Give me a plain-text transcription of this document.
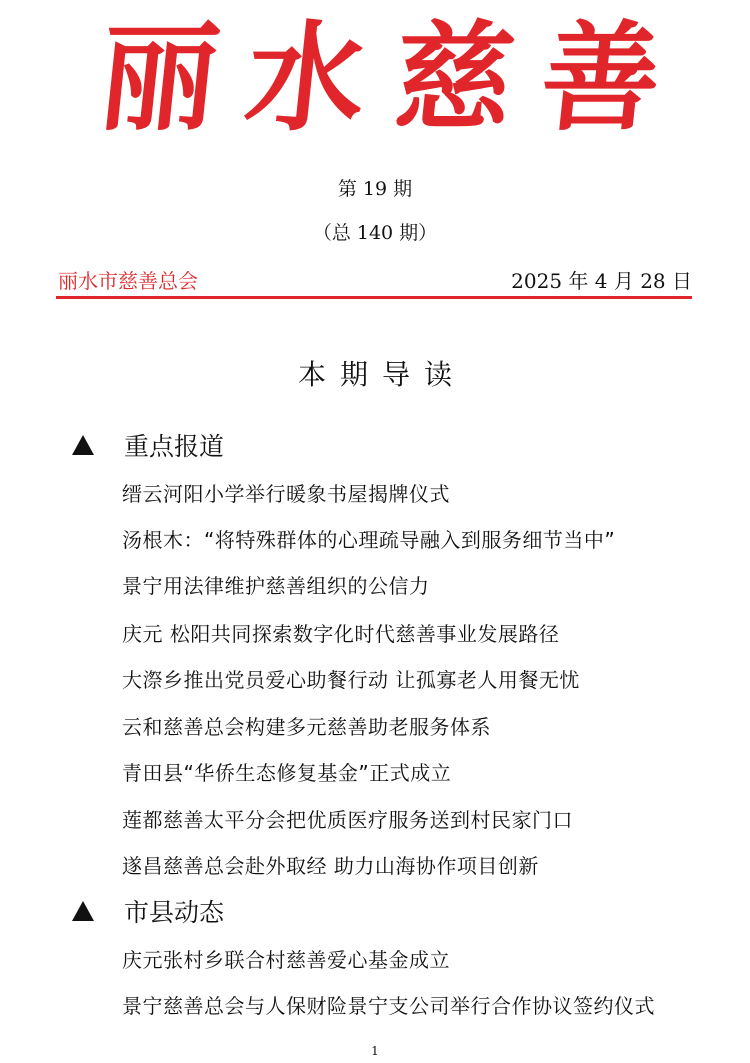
丽 水 慈 善
第 19 期
（总 140 期）
丽水市慈善总会	2025 年 4 月 28 日
本期导读
重点报道
缙云河阳小学举行暖象书屋揭牌仪式
汤根木：“将特殊群体的心理疏导融入到服务细节当中”
景宁用法律维护慈善组织的公信力
庆元 松阳共同探索数字化时代慈善事业发展路径
大漈乡推出党员爱心助餐行动 让孤寡老人用餐无忧
云和慈善总会构建多元慈善助老服务体系
青田县“华侨生态修复基金”正式成立
莲都慈善太平分会把优质医疗服务送到村民家门口
遂昌慈善总会赴外取经 助力山海协作项目创新
市县动态
庆元张村乡联合村慈善爱心基金成立
景宁慈善总会与人保财险景宁支公司举行合作协议签约仪式
1
